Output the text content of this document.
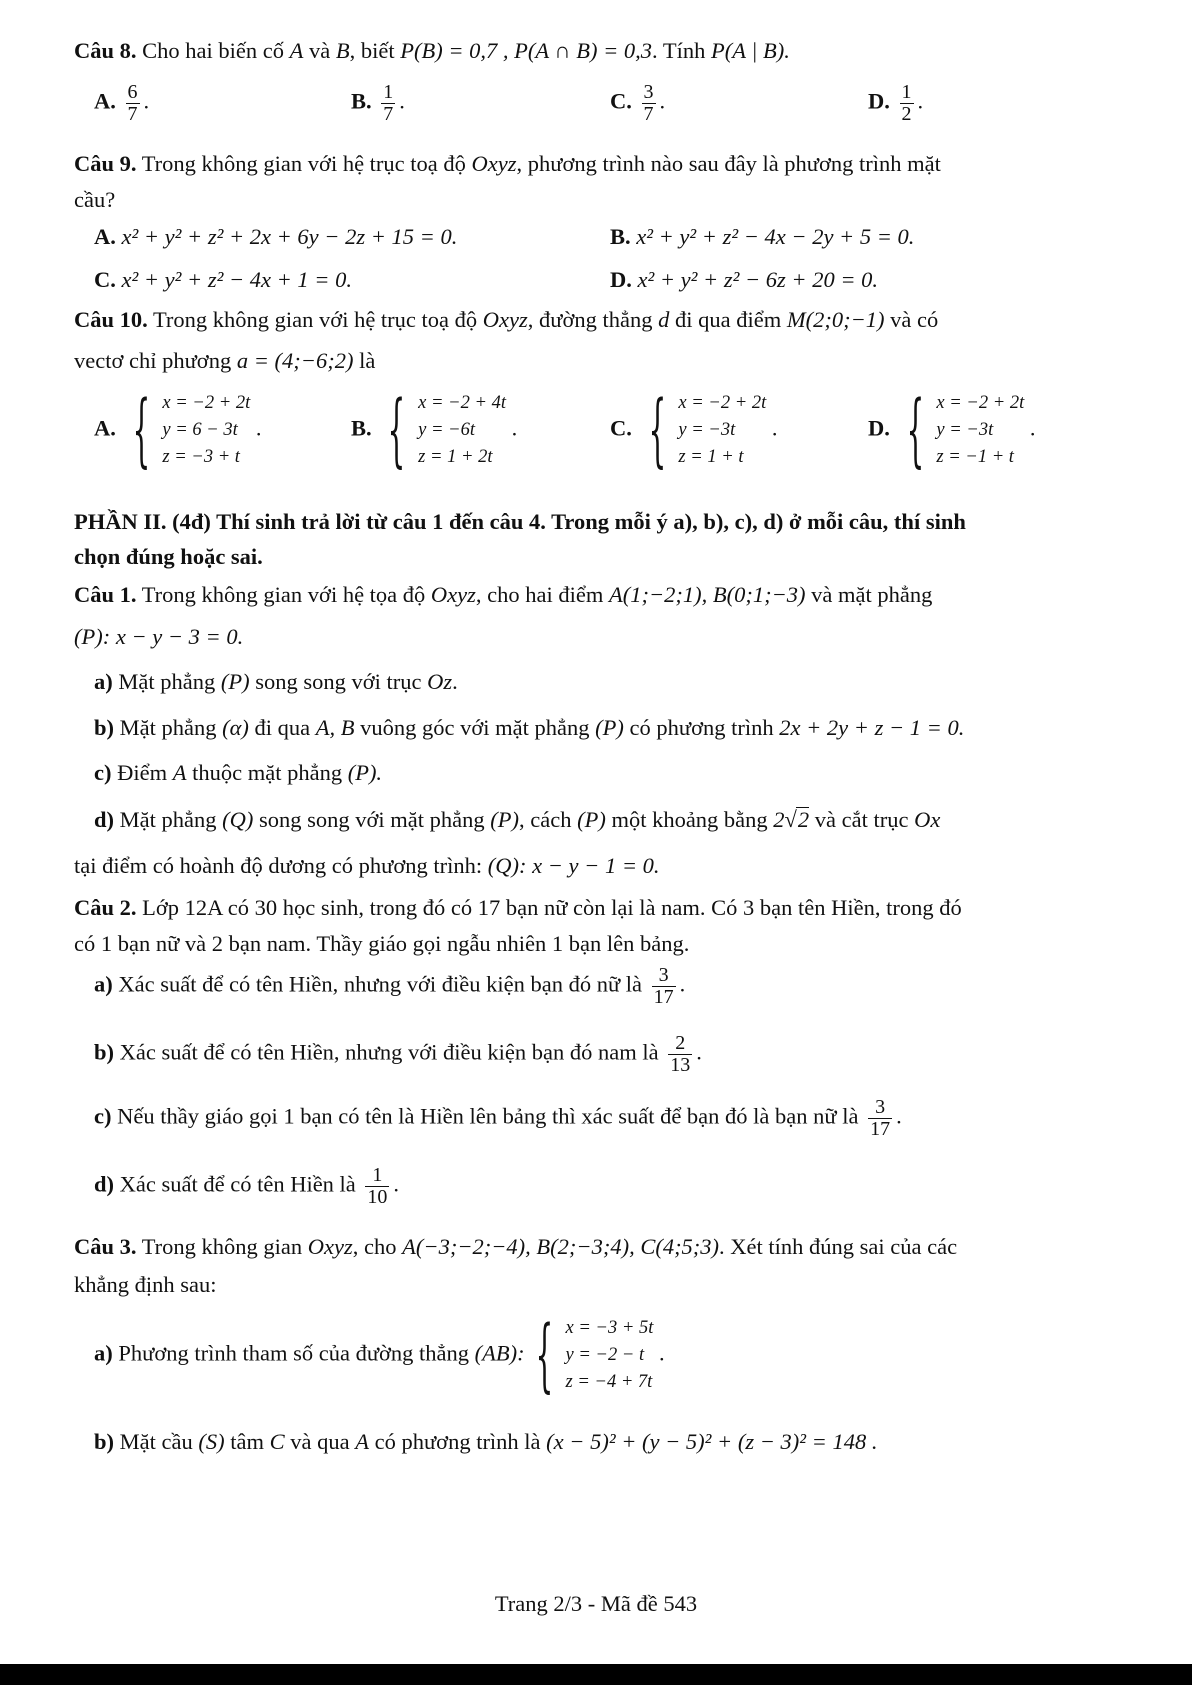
Câu 8. Cho hai biến cố A và B, biết P(B) = 0,7 , P(A ∩ B) = 0,3. Tính P(A | B).
A. $\frac{6}{7}$ .	B. $\frac{1}{7}$ .	C. $\frac{3}{7}$ .	D. $\frac{1}{2}$ .
Câu 9. Trong không gian với hệ trục toạ độ Oxyz, phương trình nào sau đây là phương trình mặt
cầu?
A. x² + y² + z² + 2x + 6y − 2z + 15 = 0.	B. x² + y² + z² − 4x − 2y + 5 = 0.
C. x² + y² + z² − 4x + 1 = 0.	D. x² + y² + z² − 6z + 20 = 0.
Câu 10. Trong không gian với hệ trục toạ độ Oxyz, đường thẳng d đi qua điểm M(2;0;−1) và có
vectơ chỉ phương a = (4;−6;2) là
A. { x = −2 + 2t
y = 6 − 3t
z = −3 + t
.	B. { x = −2 + 4t
y = −6t
z = 1 + 2t
.	C. { x = −2 + 2t
y = −3t
z = 1 + t
.	D. { x = −2 + 2t
y = −3t
z = −1 + t
.
PHẦN II. (4đ) Thí sinh trả lời từ câu 1 đến câu 4. Trong mỗi ý a), b), c), d) ở mỗi câu, thí sinh
chọn đúng hoặc sai.
Câu 1. Trong không gian với hệ tọa độ Oxyz, cho hai điểm A(1;−2;1), B(0;1;−3) và mặt phẳng
(P): x − y − 3 = 0.
a) Mặt phẳng (P) song song với trục Oz.
b) Mặt phẳng (α) đi qua A, B vuông góc với mặt phẳng (P) có phương trình 2x + 2y + z − 1 = 0.
c) Điểm A thuộc mặt phẳng (P).
d) Mặt phẳng (Q) song song với mặt phẳng (P), cách (P) một khoảng bằng 2√2 và cắt trục Ox
tại điểm có hoành độ dương có phương trình: (Q): x − y − 1 = 0.
Câu 2. Lớp 12A có 30 học sinh, trong đó có 17 bạn nữ còn lại là nam. Có 3 bạn tên Hiền, trong đó
có 1 bạn nữ và 2 bạn nam. Thầy giáo gọi ngẫu nhiên 1 bạn lên bảng.
a) Xác suất để có tên Hiền, nhưng với điều kiện bạn đó nữ là $\frac{3}{17}$ .
b) Xác suất để có tên Hiền, nhưng với điều kiện bạn đó nam là $\frac{2}{13}$ .
c) Nếu thầy giáo gọi 1 bạn có tên là Hiền lên bảng thì xác suất để bạn đó là bạn nữ là $\frac{3}{17}$ .
d) Xác suất để có tên Hiền là $\frac{1}{10}$ .
Câu 3. Trong không gian Oxyz, cho A(−3;−2;−4), B(2;−3;4), C(4;5;3). Xét tính đúng sai của các
khẳng định sau:
a) Phương trình tham số của đường thẳng (AB): { x = −3 + 5t
y = −2 − t
z = −4 + 7t
.
b) Mặt cầu (S) tâm C và qua A có phương trình là (x − 5)² + (y − 5)² + (z − 3)² = 148 .
Trang 2/3 - Mã đề 543
